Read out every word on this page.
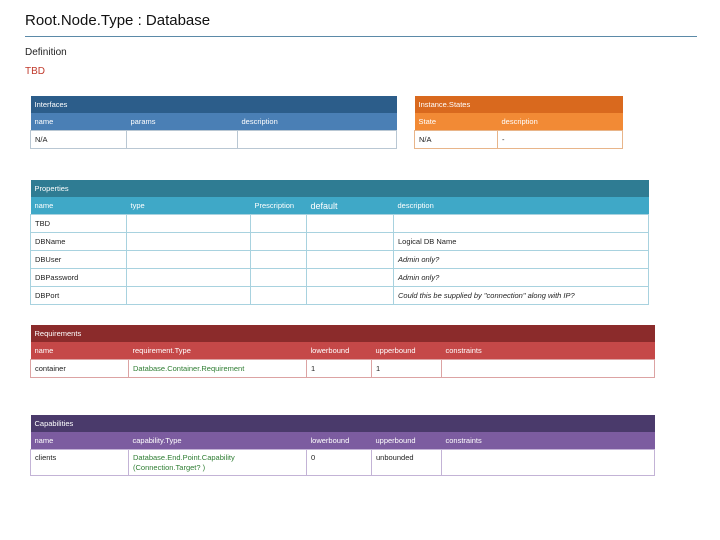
Root.Node.Type : Database
Definition
TBD
Interfaces		
name	params	description
N/A		
Instance.States	
State	description
N/A	-
Properties				
name	type	Prescription	default	description
TBD				
DBName				Logical DB Name
DBUser				Admin only?
DBPassword				Admin only?
DBPort				Could this be supplied by "connection" along with IP?
Requirements				
name	requirement.Type	lowerbound	upperbound	constraints
container	Database.Container.Requirement	1	1	
Capabilities				
name	capability.Type	lowerbound	upperbound	constraints
clients	Database.End.Point.Capability (Connection.Target? )	0	unbounded	
